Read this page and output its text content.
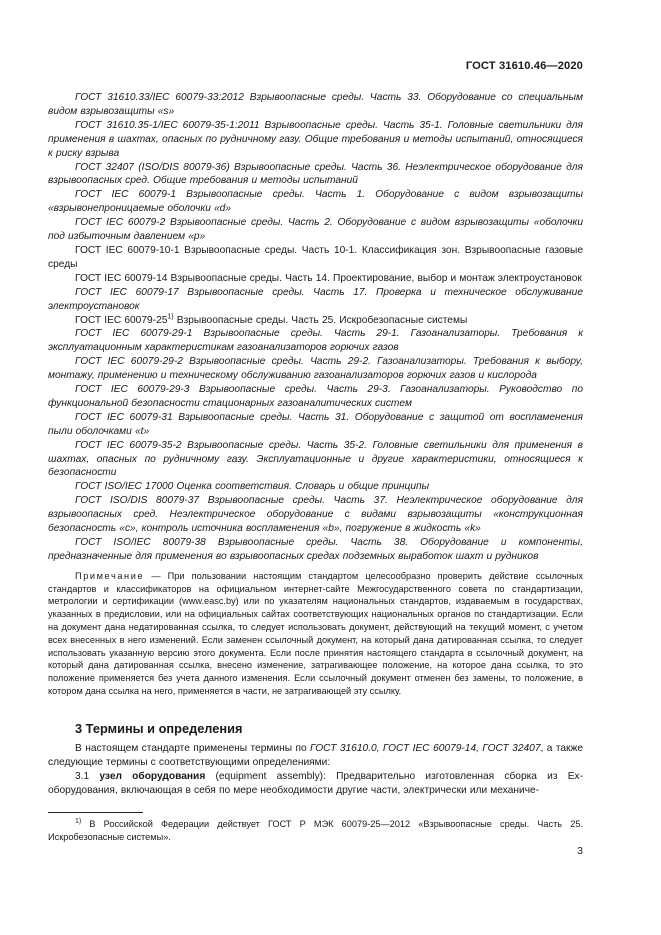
ГОСТ 31610.46—2020

ГОСТ 31610.33/IEC 60079-33:2012 Взрывоопасные среды. Часть 33. Оборудование со специальным видом взрывозащиты «s»

ГОСТ 31610.35-1/IEC 60079-35-1:2011 Взрывоопасные среды. Часть 35-1. Головные светильники для применения в шахтах, опасных по рудничному газу. Общие требования и методы испытаний, относящиеся к риску взрыва

ГОСТ 32407 (ISO/DIS 80079-36) Взрывоопасные среды. Часть 36. Неэлектрическое оборудование для взрывоопасных сред. Общие требования и методы испытаний

ГОСТ IEC 60079-1 Взрывоопасные среды. Часть 1. Оборудование с видом взрывозащиты «взрывонепроницаемые оболочки «d»

ГОСТ IEC 60079-2 Взрывоопасные среды. Часть 2. Оборудование с видом взрывозащиты «оболочки под избыточным давлением «p»

ГОСТ IEC 60079-10-1 Взрывоопасные среды. Часть 10-1. Классификация зон. Взрывоопасные газовые среды

ГОСТ IEC 60079-14 Взрывоопасные среды. Часть 14. Проектирование, выбор и монтаж электроустановок

ГОСТ IEC 60079-17 Взрывоопасные среды. Часть 17. Проверка и техническое обслуживание электроустановок

ГОСТ IEC 60079-25$^{1)}$ Взрывоопасные среды. Часть 25. Искробезопасные системы

ГОСТ IEC 60079-29-1 Взрывоопасные среды. Часть 29-1. Газоанализаторы. Требования к эксплуатационным характеристикам газоанализаторов горючих газов

ГОСТ IEC 60079-29-2 Взрывоопасные среды. Часть 29-2. Газоанализаторы. Требования к выбору, монтажу, применению и техническому обслуживанию газоанализаторов горючих газов и кислорода

ГОСТ IEC 60079-29-3 Взрывоопасные среды. Часть 29-3. Газоанализаторы. Руководство по функциональной безопасности стационарных газоаналитических систем

ГОСТ IEC 60079-31 Взрывоопасные среды. Часть 31. Оборудование с защитой от воспламенения пыли оболочками «t»

ГОСТ IEC 60079-35-2 Взрывоопасные среды. Часть 35-2. Головные светильники для применения в шахтах, опасных по рудничному газу. Эксплуатационные и другие характеристики, относящиеся к безопасности

ГОСТ ISO/IEC 17000 Оценка соответствия. Словарь и общие принципы

ГОСТ ISO/DIS 80079-37 Взрывоопасные среды. Часть 37. Неэлектрическое оборудование для взрывоопасных сред. Неэлектрическое оборудование с видами взрывозащиты «конструкционная безопасность «c», контроль источника воспламенения «b», погружение в жидкость «k»

ГОСТ ISO/IEC 80079-38 Взрывоопасные среды. Часть 38. Оборудование и компоненты, предназначенные для применения во взрывоопасных средах подземных выработок шахт и рудников

Примечание — При пользовании настоящим стандартом целесообразно проверить действие ссылочных стандартов и классификаторов на официальном интернет-сайте Межгосударственного совета по стандартизации, метрологии и сертификации (www.easc.by) или по указателям национальных стандартов, издаваемым в государствах, указанных в предисловии, или на официальных сайтах соответствующих национальных органов по стандартизации. Если на документ дана недатированная ссылка, то следует использовать документ, действующий на текущий момент, с учетом всех внесенных в него изменений. Если заменен ссылочный документ, на который дана датированная ссылка, то следует использовать указанную версию этого документа. Если после принятия настоящего стандарта в ссылочный документ, на который дана датированная ссылка, внесено изменение, затрагивающее положение, на которое дана ссылка, то это положение применяется без учета данного изменения. Если ссылочный документ отменен без замены, то положение, в котором дана ссылка на него, применяется в части, не затрагивающей эту ссылку.

3 Термины и определения

В настоящем стандарте применены термины по ГОСТ 31610.0, ГОСТ IEC 60079-14, ГОСТ 32407, а также следующие термины с соответствующими определениями:

3.1 узел оборудования (equipment assembly): Предварительно изготовленная сборка из Ex-оборудования, включающая в себя по мере необходимости другие части, электрически или механиче-

$^{1)}$ В Российской Федерации действует ГОСТ Р МЭК 60079-25—2012 «Взрывоопасные среды. Часть 25. Искробезопасные системы».
3
